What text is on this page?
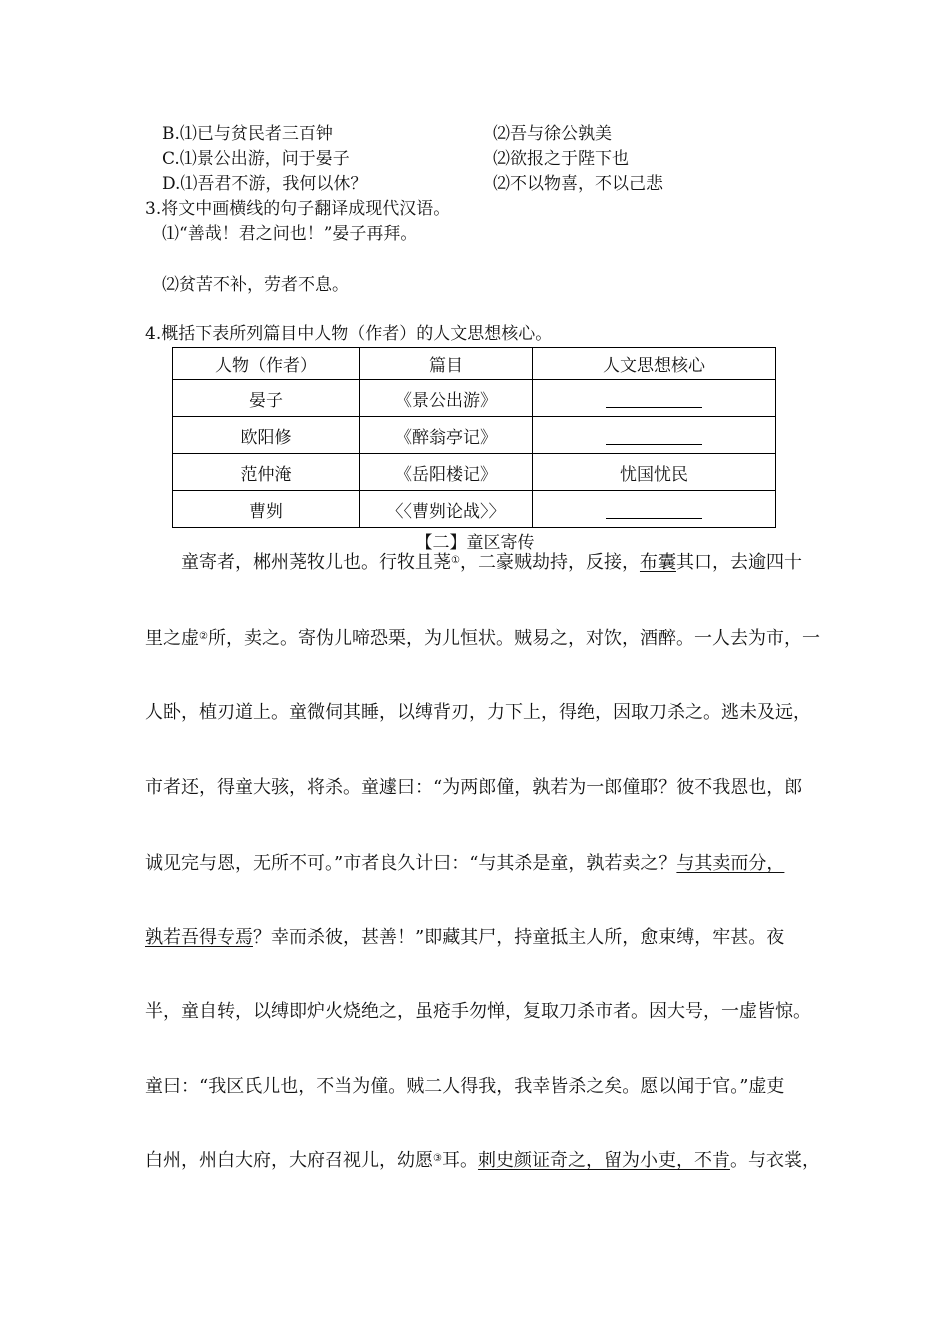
B.⑴已与贫民者三百钟	⑵吾与徐公孰美
C.⑴景公出游，问于晏子	⑵欲报之于陛下也
D.⑴吾君不游，我何以休？	⑵不以物喜，不以己悲
3.将文中画横线的句子翻译成现代汉语。
⑴“善哉！君之问也！”晏子再拜。
⑵贫苦不补，劳者不息。
4.概括下表所列篇目中人物（作者）的人文思想核心。
人物（作者）	篇目	人文思想核心
晏子	《景公出游》	
欧阳修	《醉翁亭记》	
范仲淹	《岳阳楼记》	忧国忧民
曹刿	〈〈曹刿论战〉〉	
【二】童区寄传
童寄者，郴州荛牧儿也。行牧且荛①，二豪贼劫持，反接，布囊其口，去逾四十
里之虚②所，卖之。寄伪儿啼恐栗，为儿恒状。贼易之，对饮，酒醉。一人去为市，一
人卧，植刃道上。童微伺其睡，以缚背刃，力下上，得绝，因取刀杀之。逃未及远，
市者还，得童大骇，将杀。童遽曰：“为两郎僮，孰若为一郎僮耶？彼不我恩也，郎
诚见完与恩，无所不可。”市者良久计曰：“与其杀是童，孰若卖之？与其卖而分，
孰若吾得专焉？幸而杀彼，甚善！”即藏其尸，持童抵主人所，愈束缚，牢甚。夜
半，童自转，以缚即炉火烧绝之，虽疮手勿惮，复取刀杀市者。因大号，一虚皆惊。
童曰：“我区氏儿也，不当为僮。贼二人得我，我幸皆杀之矣。愿以闻于官。”虚吏
白州，州白大府，大府召视儿，幼愿③耳。刺史颜证奇之，留为小吏，不肯。与衣裳，
